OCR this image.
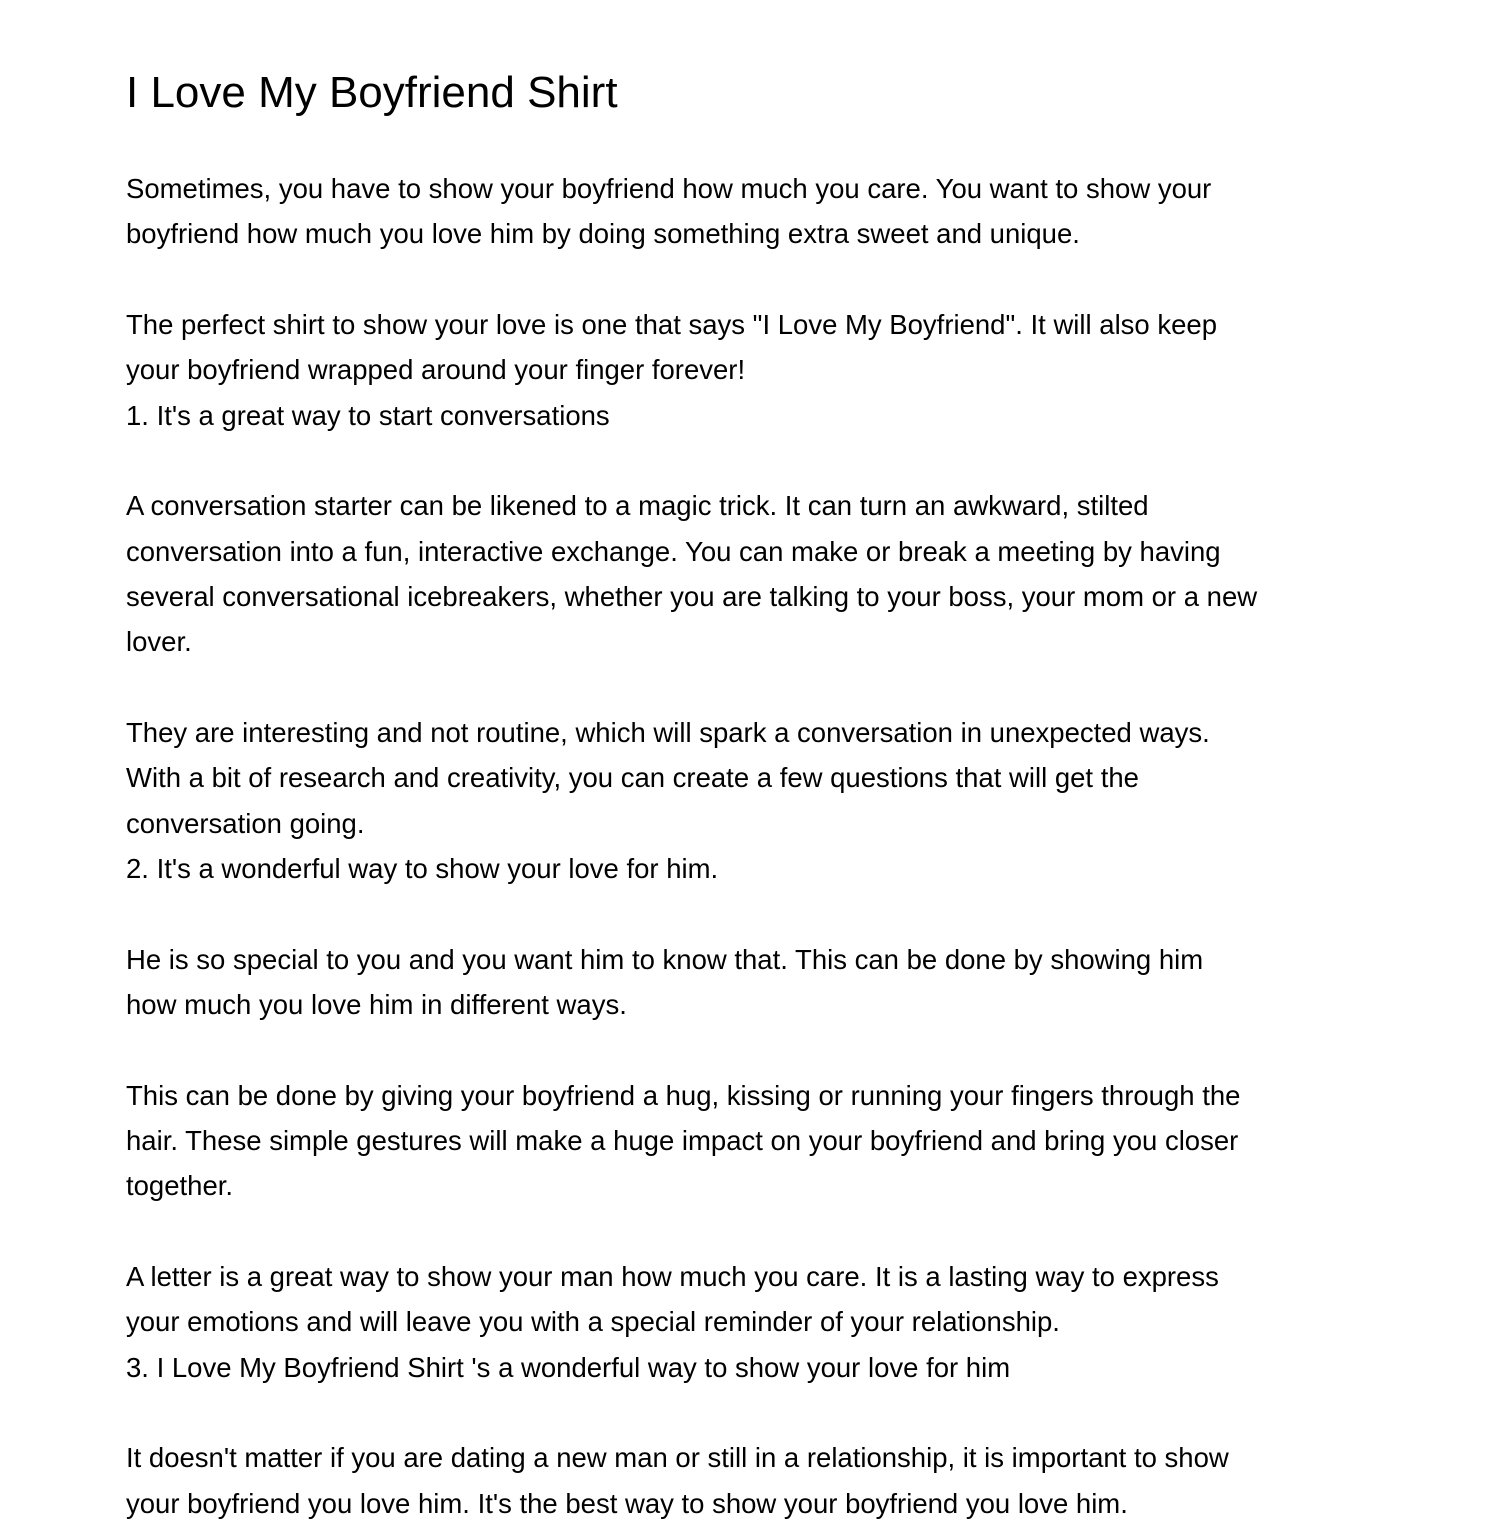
I Love My Boyfriend Shirt
Sometimes, you have to show your boyfriend how much you care. You want to show your
boyfriend how much you love him by doing something extra sweet and unique.
The perfect shirt to show your love is one that says "I Love My Boyfriend". It will also keep
your boyfriend wrapped around your finger forever!
1. It's a great way to start conversations
A conversation starter can be likened to a magic trick. It can turn an awkward, stilted
conversation into a fun, interactive exchange. You can make or break a meeting by having
several conversational icebreakers, whether you are talking to your boss, your mom or a new
lover.
They are interesting and not routine, which will spark a conversation in unexpected ways.
With a bit of research and creativity, you can create a few questions that will get the
conversation going.
2. It's a wonderful way to show your love for him.
He is so special to you and you want him to know that. This can be done by showing him
how much you love him in different ways.
This can be done by giving your boyfriend a hug, kissing or running your fingers through the
hair. These simple gestures will make a huge impact on your boyfriend and bring you closer
together.
A letter is a great way to show your man how much you care. It is a lasting way to express
your emotions and will leave you with a special reminder of your relationship.
3. I Love My Boyfriend Shirt 's a wonderful way to show your love for him
It doesn't matter if you are dating a new man or still in a relationship, it is important to show
your boyfriend you love him. It's the best way to show your boyfriend you love him.
